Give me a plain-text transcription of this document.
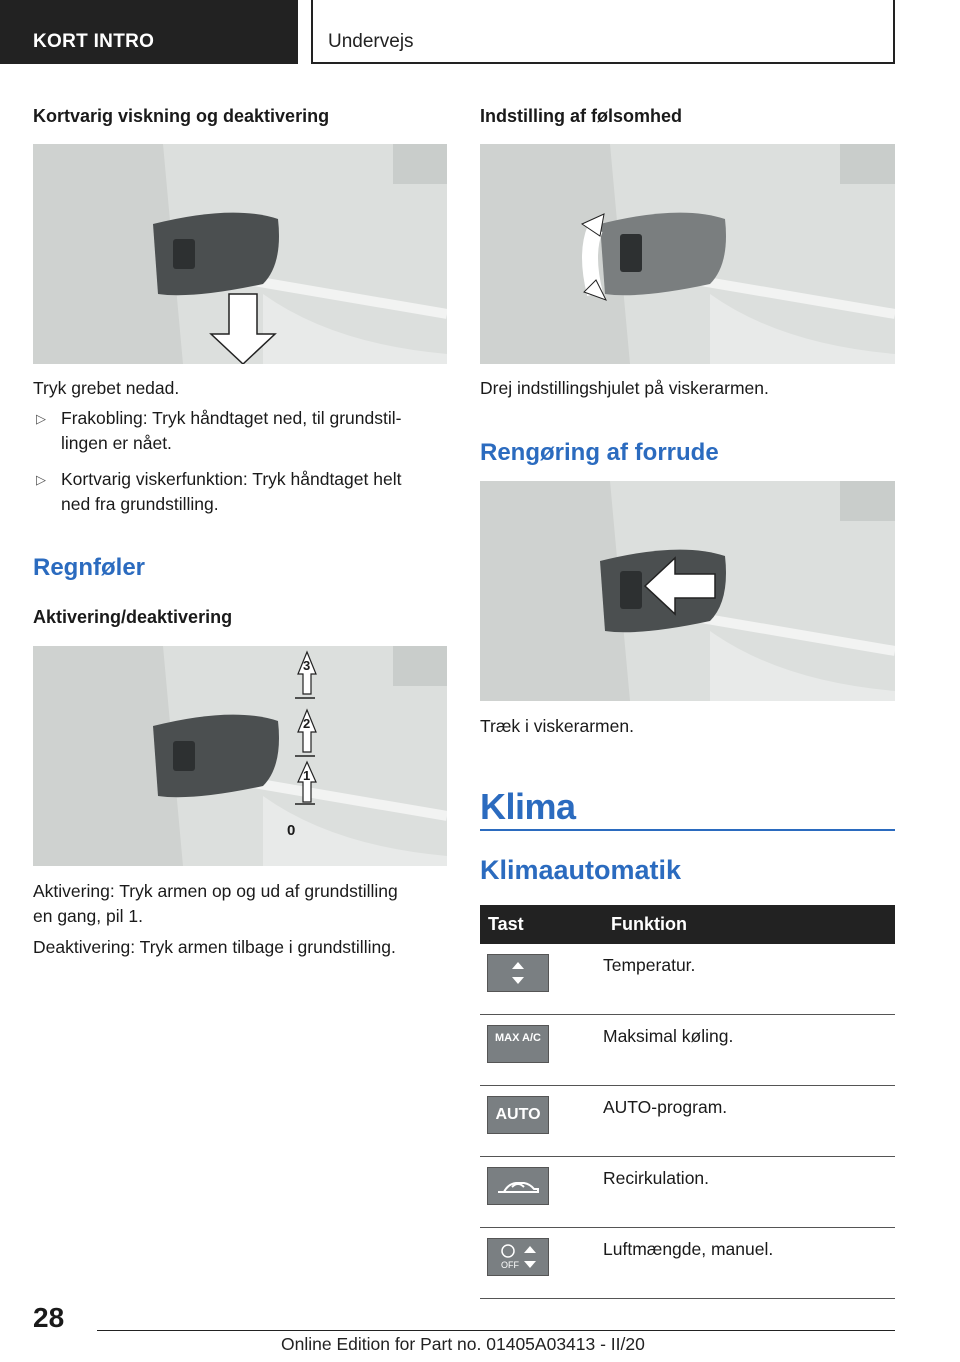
KORT INTRO	Undervejs
Kortvarig viskning og deaktivering
Tryk grebet nedad.
▷ Frakobling: Tryk håndtaget ned, til grundstil-
lingen er nået.
▷ Kortvarig viskerfunktion: Tryk håndtaget helt
ned fra grundstilling.
Regnføler
Aktivering/deaktivering
3
2
1
0
Aktivering: Tryk armen op og ud af grundstilling
en gang, pil 1.
Deaktivering: Tryk armen tilbage i grundstilling.
Indstilling af følsomhed
Drej indstillingshjulet på viskerarmen.
Rengøring af forrude
Træk i viskerarmen.
Klima
Klimaautomatik
Tast	Funktion

	Temperatur.

MAX A/C	Maksimal køling.

AUTO	AUTO-program.

	Recirkulation.

OFF	Luftmængde, manuel.
28
Online Edition for Part no. 01405A03413 - II/20
